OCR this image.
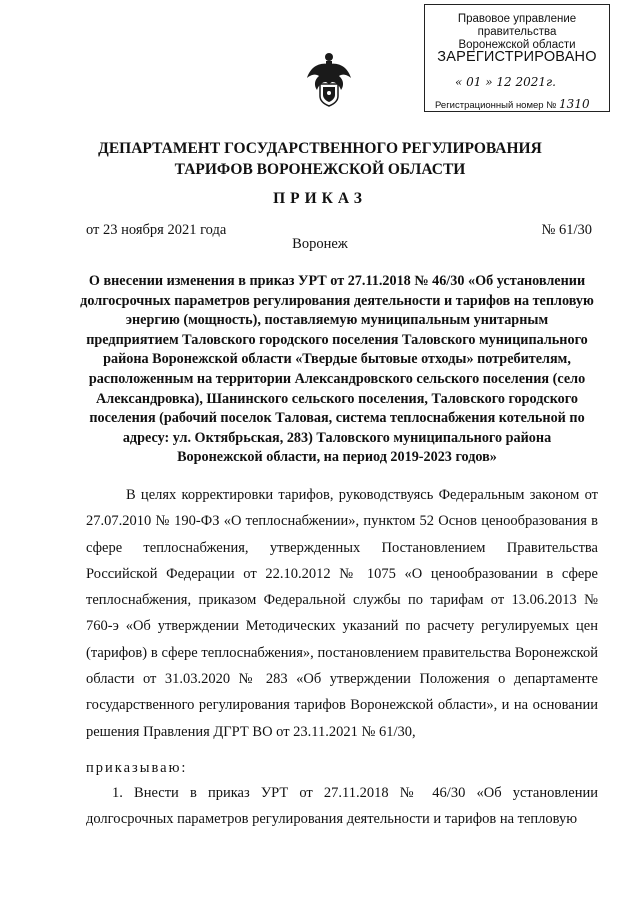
Правовое управление правительства
Воронежской области
ЗАРЕГИСТРИРОВАНО
« 01 » 12 2021г.
Регистрационный номер № 1310
ДЕПАРТАМЕНТ ГОСУДАРСТВЕННОГО РЕГУЛИРОВАНИЯ
ТАРИФОВ ВОРОНЕЖСКОЙ ОБЛАСТИ
ПРИКАЗ
от 23 ноября 2021 года	№ 61/30
Воронеж
О внесении изменения в приказ УРТ от 27.11.2018 № 46/30 «Об установлении долгосрочных параметров регулирования деятельности и тарифов на тепловую энергию (мощность), поставляемую муниципальным унитарным предприятием Таловского городского поселения Таловского муниципального района Воронежской области «Твердые бытовые отходы» потребителям, расположенным на территории Александровского сельского поселения (село Александровка), Шанинского сельского поселения, Таловского городского поселения (рабочий поселок Таловая, система теплоснабжения котельной по адресу: ул. Октябрьская, 283) Таловского муниципального района Воронежской области, на период 2019-2023 годов»

В целях корректировки тарифов, руководствуясь Федеральным законом от 27.07.2010 № 190-ФЗ «О теплоснабжении», пунктом 52 Основ ценообразования в сфере теплоснабжения, утвержденных Постановлением Правительства Российской Федерации от 22.10.2012 № 1075 «О ценообразовании в сфере теплоснабжения, приказом Федеральной службы по тарифам от 13.06.2013 № 760-э «Об утверждении Методических указаний по расчету регулируемых цен (тарифов) в сфере теплоснабжения», постановлением правительства Воронежской области от 31.03.2020 № 283 «Об утверждении Положения о департаменте государственного регулирования тарифов Воронежской области», и на основании решения Правления ДГРТ ВО от 23.11.2021 № 61/30,

приказываю:

1. Внести в приказ УРТ от 27.11.2018 № 46/30 «Об установлении долгосрочных параметров регулирования деятельности и тарифов на тепловую
